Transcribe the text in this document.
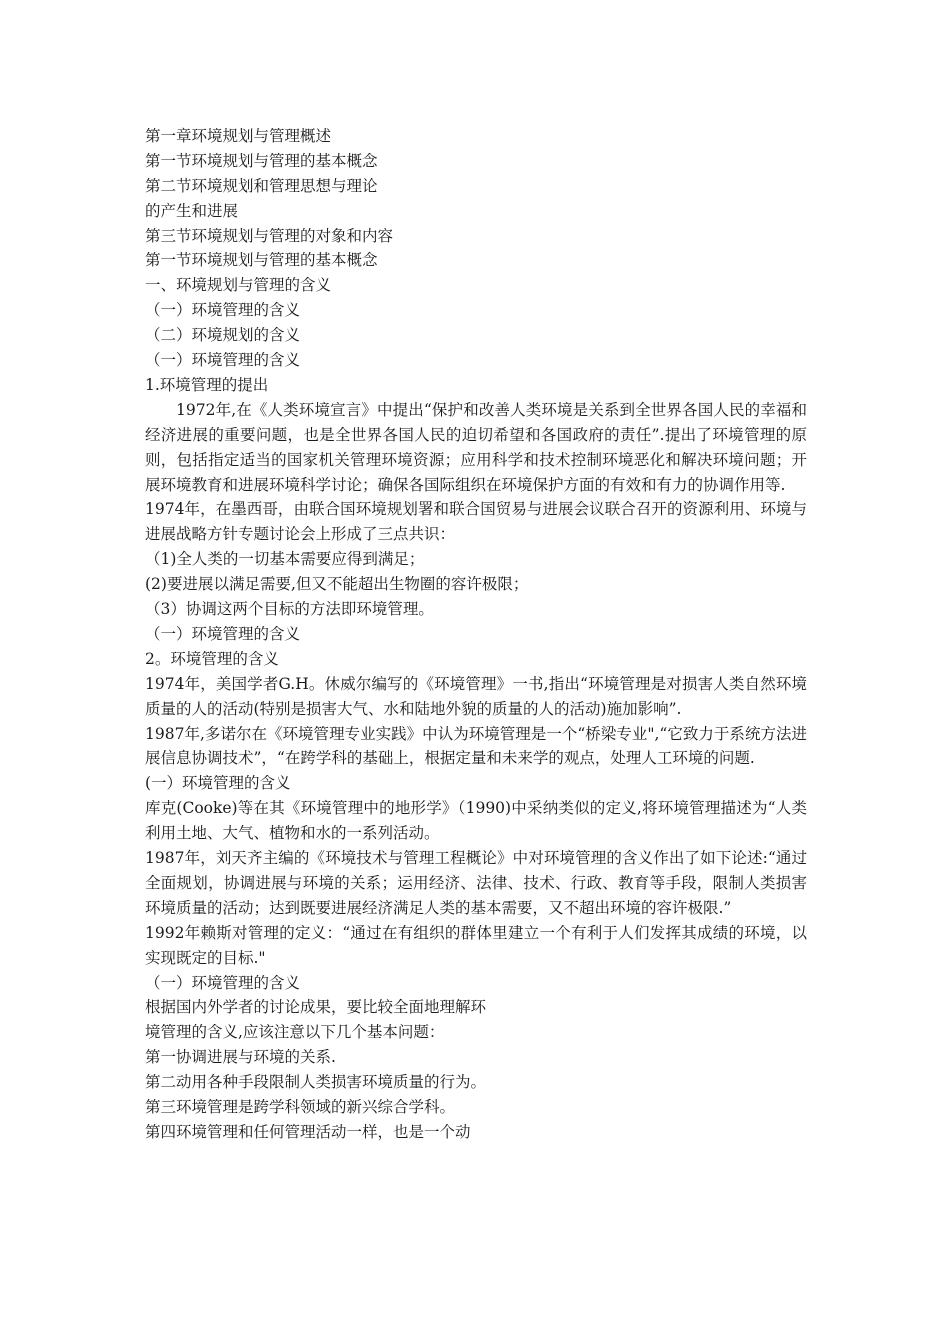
第一章环境规划与管理概述
第一节环境规划与管理的基本概念
第二节环境规划和管理思想与理论
的产生和进展
第三节环境规划与管理的对象和内容
第一节环境规划与管理的基本概念
一、环境规划与管理的含义
（一）环境管理的含义
（二）环境规划的含义
（一）环境管理的含义
1.环境管理的提出
1972年,在《人类环境宣言》中提出“保护和改善人类环境是关系到全世界各国人民的幸福和经济进展的重要问题，也是全世界各国人民的迫切希望和各国政府的责任”.提出了环境管理的原则，包括指定适当的国家机关管理环境资源；应用科学和技术控制环境恶化和解决环境问题；开展环境教育和进展环境科学讨论；确保各国际组织在环境保护方面的有效和有力的协调作用等.
1974年，在墨西哥，由联合国环境规划署和联合国贸易与进展会议联合召开的资源利用、环境与进展战略方针专题讨论会上形成了三点共识：
（1)全人类的一切基本需要应得到满足；
(2)要进展以满足需要,但又不能超出生物圈的容许极限；
（3）协调这两个目标的方法即环境管理。
（一）环境管理的含义
2。环境管理的含义
1974年，美国学者G.H。休威尔编写的《环境管理》一书,指出“环境管理是对损害人类自然环境质量的人的活动(特别是损害大气、水和陆地外貌的质量的人的活动)施加影响”.
1987年,多诺尔在《环境管理专业实践》中认为环境管理是一个“桥梁专业",“它致力于系统方法进展信息协调技术”，“在跨学科的基础上，根据定量和未来学的观点，处理人工环境的问题.
(一）环境管理的含义
库克(Cooke)等在其《环境管理中的地形学》（1990)中采纳类似的定义,将环境管理描述为“人类利用土地、大气、植物和水的一系列活动。
1987年，刘天齐主编的《环境技术与管理工程概论》中对环境管理的含义作出了如下论述:“通过全面规划，协调进展与环境的关系；运用经济、法律、技术、行政、教育等手段，限制人类损害环境质量的活动；达到既要进展经济满足人类的基本需要，又不超出环境的容许极限.”
1992年赖斯对管理的定义：“通过在有组织的群体里建立一个有利于人们发挥其成绩的环境，以实现既定的目标."
（一）环境管理的含义
根据国内外学者的讨论成果，要比较全面地理解环
境管理的含义,应该注意以下几个基本问题：
第一协调进展与环境的关系.
第二动用各种手段限制人类损害环境质量的行为。
第三环境管理是跨学科领域的新兴综合学科。
第四环境管理和任何管理活动一样，也是一个动
